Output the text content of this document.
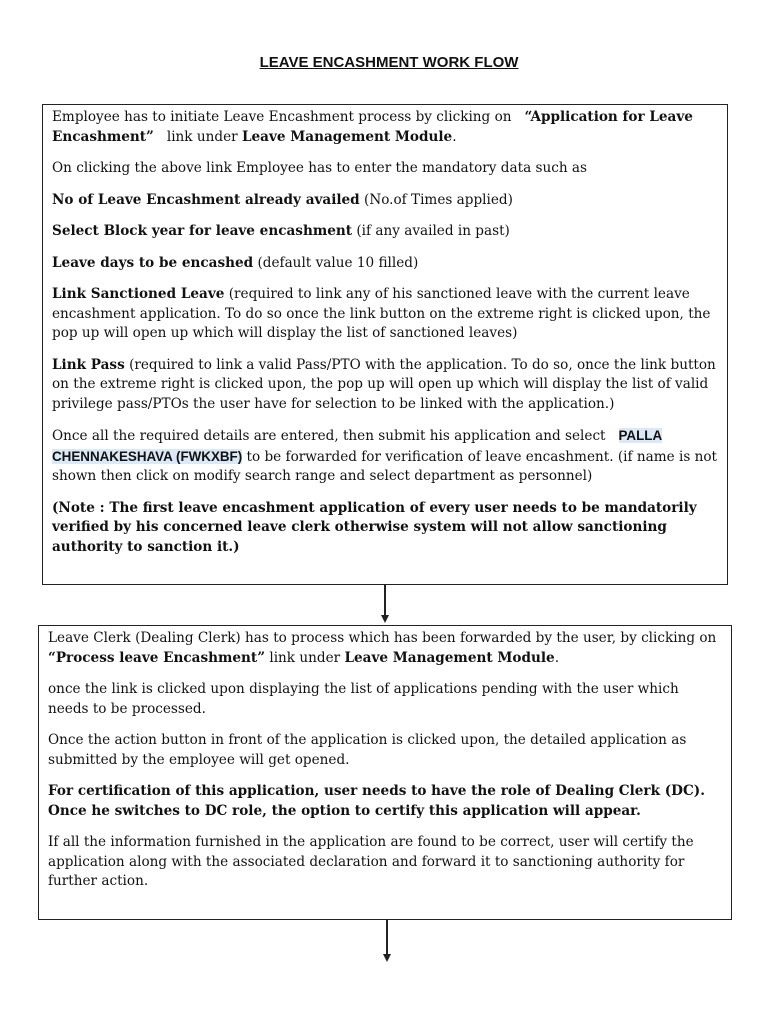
LEAVE ENCASHMENT WORK FLOW

Employee has to initiate Leave Encashment process by clicking on “Application for Leave Encashment” link under Leave Management Module.

On clicking the above link Employee has to enter the mandatory data such as

No of Leave Encashment already availed (No.of Times applied)

Select Block year for leave encashment (if any availed in past)

Leave days to be encashed (default value 10 filled)

Link Sanctioned Leave (required to link any of his sanctioned leave with the current leave encashment application. To do so once the link button on the extreme right is clicked upon, the pop up will open up which will display the list of sanctioned leaves)

Link Pass (required to link a valid Pass/PTO with the application. To do so, once the link button on the extreme right is clicked upon, the pop up will open up which will display the list of valid privilege pass/PTOs the user have for selection to be linked with the application.)

Once all the required details are entered, then submit his application and select PALLA CHENNAKESHAVA (FWKXBF) to be forwarded for verification of leave encashment. (if name is not shown then click on modify search range and select department as personnel)

(Note : The first leave encashment application of every user needs to be mandatorily verified by his concerned leave clerk otherwise system will not allow sanctioning authority to sanction it.)

Leave Clerk (Dealing Clerk) has to process which has been forwarded by the user, by clicking on  “Process leave Encashment” link under Leave Management Module.

once the link is clicked upon displaying the list of applications pending with the user which needs to be processed.

Once the action button in front of the application is clicked upon, the detailed application as submitted by the employee will get opened.

For certification of this application, user needs to have the role of Dealing Clerk (DC). Once he switches to DC role, the option to certify this application will appear.

If all the information furnished in the application are found to be correct, user will certify the application along with the associated declaration and forward it to sanctioning authority for further action.
